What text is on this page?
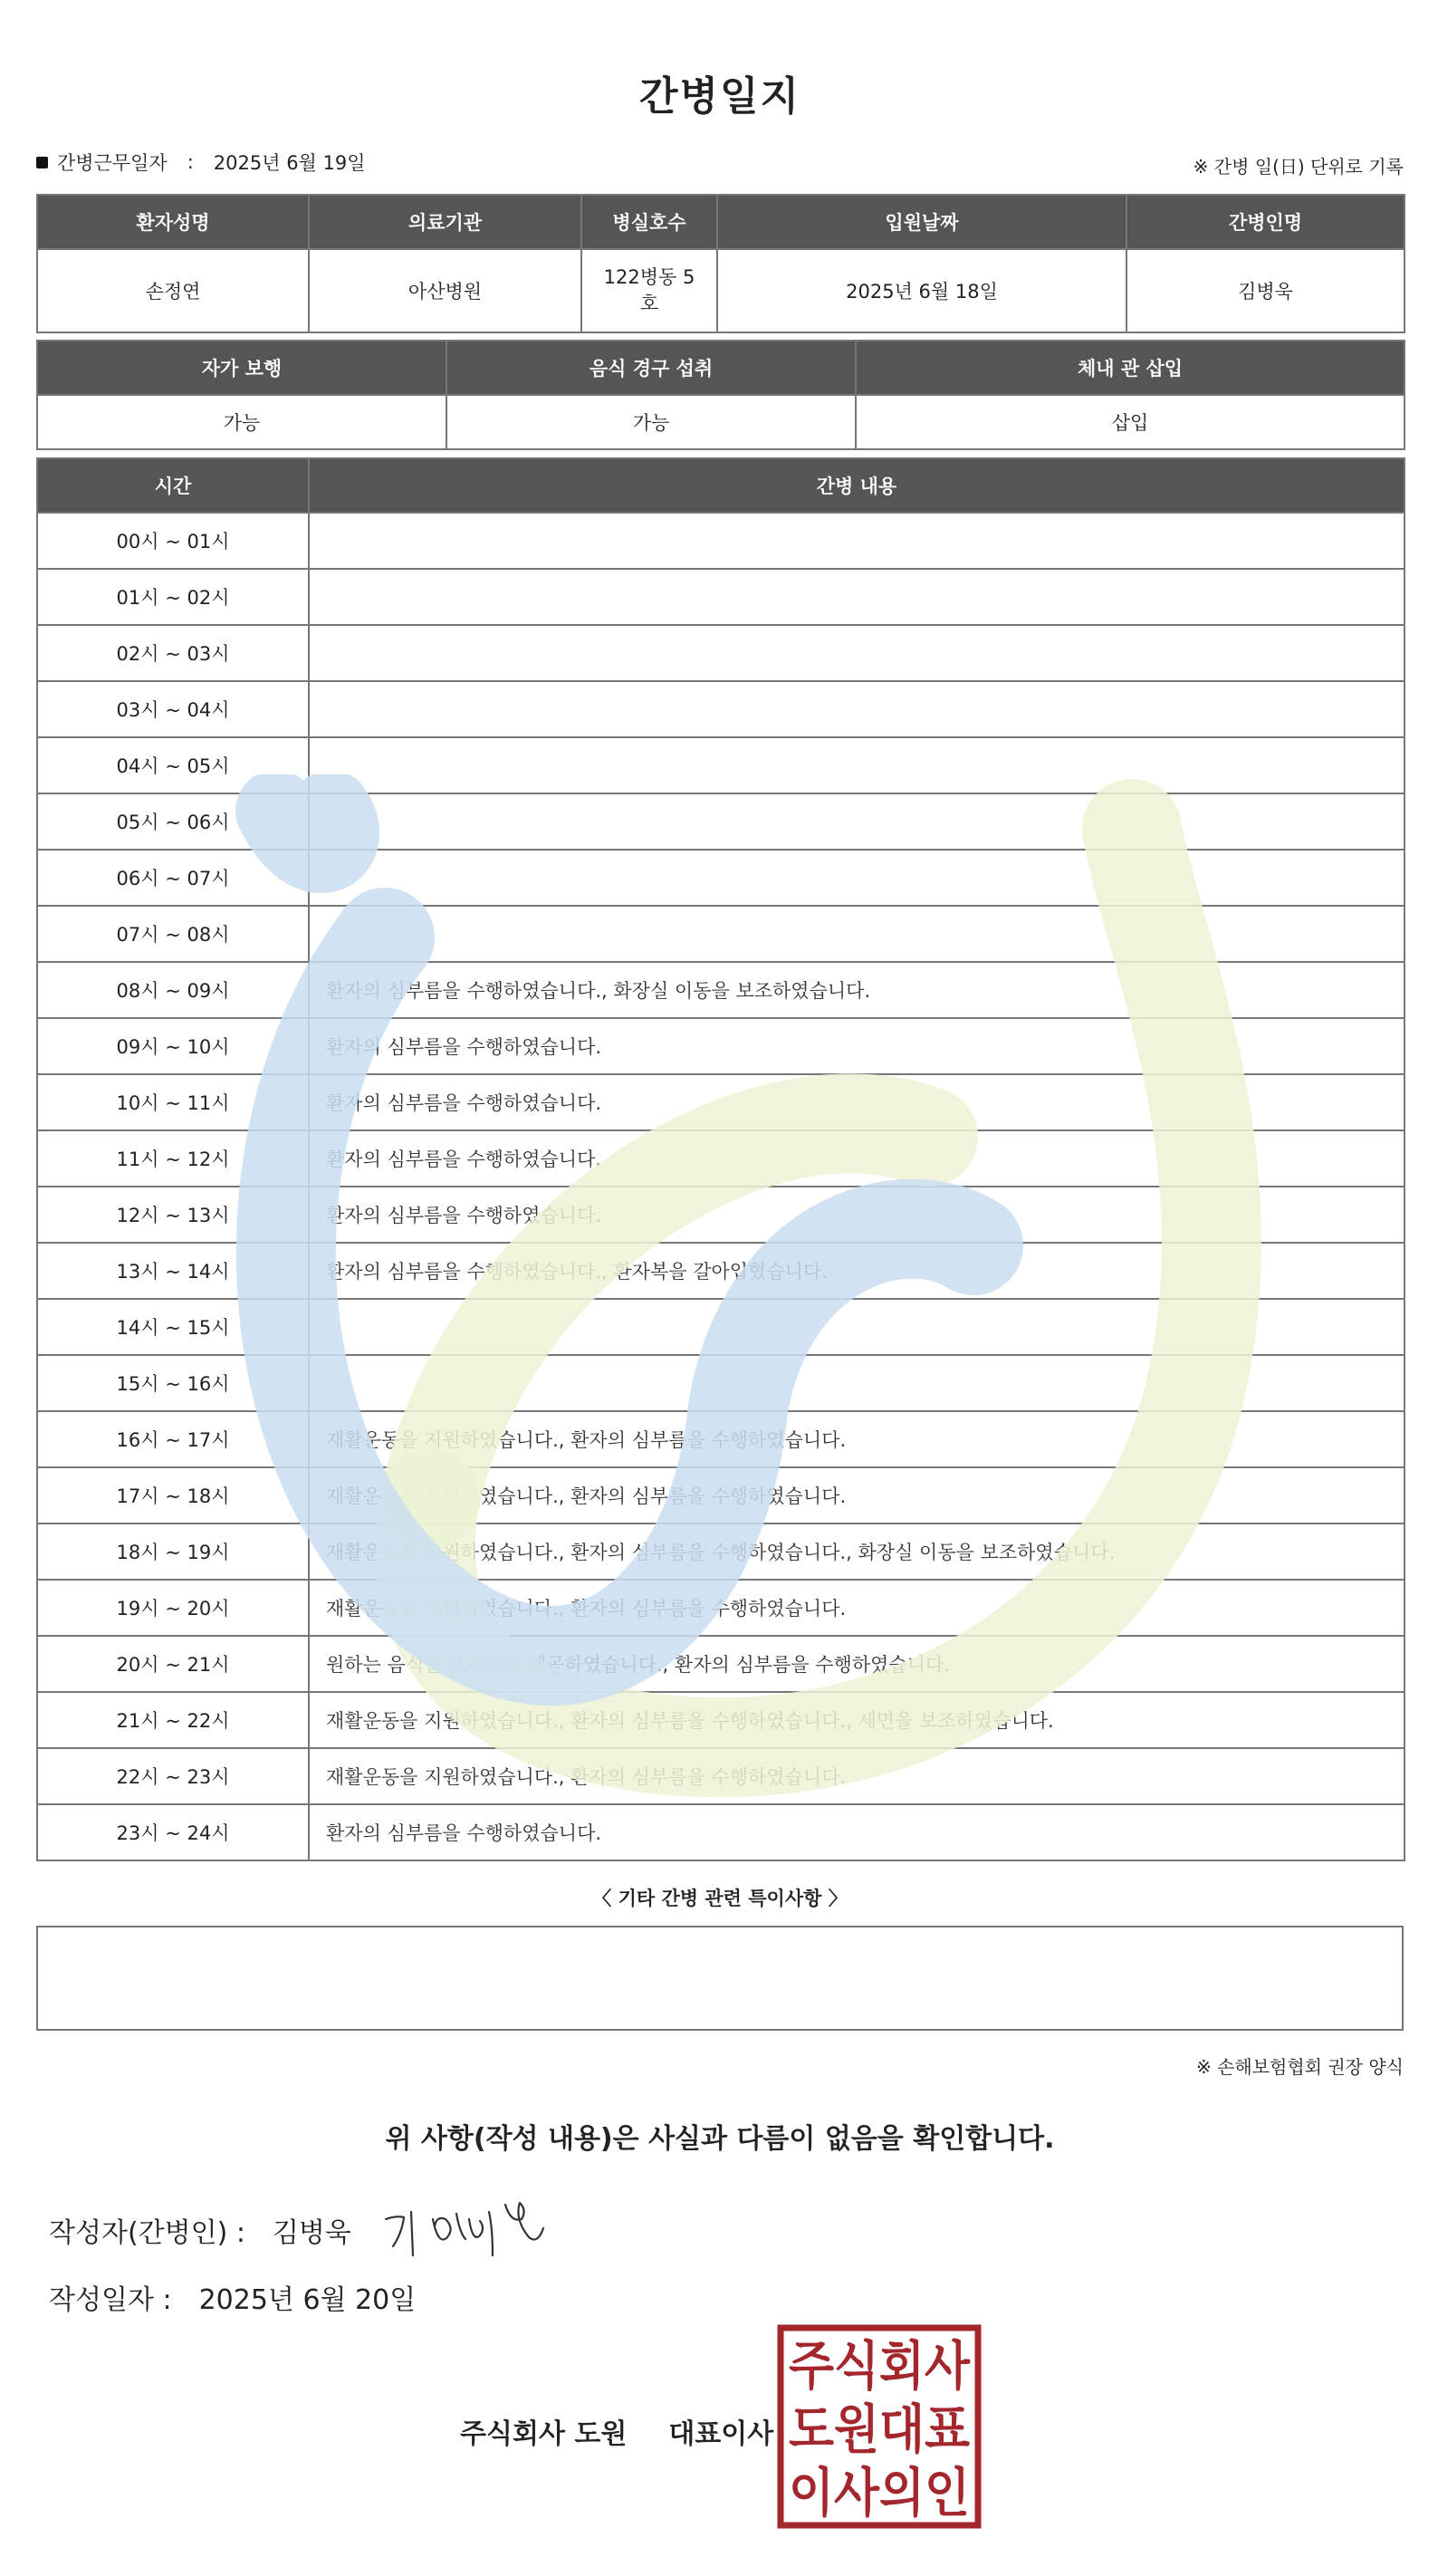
간병일지
간병근무일자 : 2025년 6월 19일	※ 간병 일(日) 단위로 기록
환자성명	의료기관	병실호수	입원날짜	간병인명
손정연	아산병원	122병동 5호	2025년 6월 18일	김병욱
자가 보행	음식 경구 섭취	체내 관 삽입
가능	가능	삽입
시간	간병 내용
00시 ~ 01시	
01시 ~ 02시	
02시 ~ 03시	
03시 ~ 04시	
04시 ~ 05시	
05시 ~ 06시	
06시 ~ 07시	
07시 ~ 08시	
08시 ~ 09시	환자의 심부름을 수행하였습니다., 화장실 이동을 보조하였습니다.
09시 ~ 10시	환자의 심부름을 수행하였습니다.
10시 ~ 11시	환자의 심부름을 수행하였습니다.
11시 ~ 12시	환자의 심부름을 수행하였습니다.
12시 ~ 13시	환자의 심부름을 수행하였습니다.
13시 ~ 14시	환자의 심부름을 수행하였습니다., 환자복을 갈아입혔습니다.
14시 ~ 15시	
15시 ~ 16시	
16시 ~ 17시	재활운동을 지원하였습니다., 환자의 심부름을 수행하였습니다.
17시 ~ 18시	재활운동을 지원하였습니다., 환자의 심부름을 수행하였습니다.
18시 ~ 19시	재활운동을 지원하였습니다., 환자의 심부름을 수행하였습니다., 화장실 이동을 보조하였습니다.
19시 ~ 20시	재활운동을 지원하였습니다., 환자의 심부름을 수행하였습니다.
20시 ~ 21시	원하는 음식을 조리하여 제공하였습니다., 환자의 심부름을 수행하였습니다.
21시 ~ 22시	재활운동을 지원하였습니다., 환자의 심부름을 수행하였습니다., 세면을 보조하였습니다.
22시 ~ 23시	재활운동을 지원하였습니다., 환자의 심부름을 수행하였습니다.
23시 ~ 24시	환자의 심부름을 수행하였습니다.
〈 기타 간병 관련 특이사항 〉
※ 손해보험협회 권장 양식
위 사항(작성 내용)은 사실과 다름이 없음을 확인합니다.
작성자(간병인) : 김병욱
작성일자 : 2025년 6월 20일
주식회사 도원 대표이사
주식회사
도원대표
이사의인
